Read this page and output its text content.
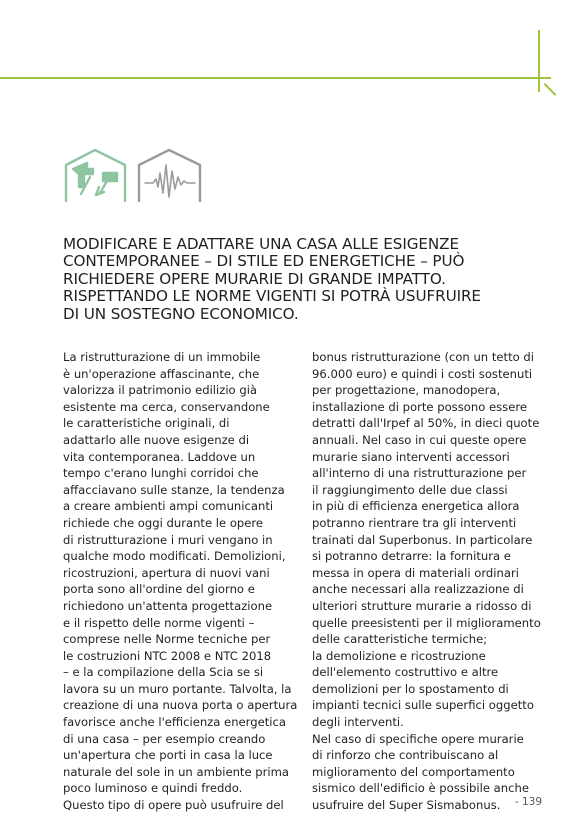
MODIFICARE E ADATTARE UNA CASA ALLE ESIGENZE
CONTEMPORANEE – DI STILE ED ENERGETICHE – PUÒ
RICHIEDERE OPERE MURARIE DI GRANDE IMPATTO.
RISPETTANDO LE NORME VIGENTI SI POTRÀ USUFRUIRE
DI UN SOSTEGNO ECONOMICO.
La ristrutturazione di un immobile
è un'operazione affascinante, che
valorizza il patrimonio edilizio già
esistente ma cerca, conservandone
le caratteristiche originali, di
adattarlo alle nuove esigenze di
vita contemporanea. Laddove un
tempo c'erano lunghi corridoi che
affacciavano sulle stanze, la tendenza
a creare ambienti ampi comunicanti
richiede che oggi durante le opere
di ristrutturazione i muri vengano in
qualche modo modificati. Demolizioni,
ricostruzioni, apertura di nuovi vani
porta sono all'ordine del giorno e
richiedono un'attenta progettazione
e il rispetto delle norme vigenti –
comprese nelle Norme tecniche per
le costruzioni NTC 2008 e NTC 2018
– e la compilazione della Scia se si
lavora su un muro portante. Talvolta, la
creazione di una nuova porta o apertura
favorisce anche l'efficienza energetica
di una casa – per esempio creando
un'apertura che porti in casa la luce
naturale del sole in un ambiente prima
poco luminoso e quindi freddo.
Questo tipo di opere può usufruire del
bonus ristrutturazione (con un tetto di
96.000 euro) e quindi i costi sostenuti
per progettazione, manodopera,
installazione di porte possono essere
detratti dall'Irpef al 50%, in dieci quote
annuali. Nel caso in cui queste opere
murarie siano interventi accessori
all'interno di una ristrutturazione per
il raggiungimento delle due classi
in più di efficienza energetica allora
potranno rientrare tra gli interventi
trainati dal Superbonus. In particolare
si potranno detrarre: la fornitura e
messa in opera di materiali ordinari
anche necessari alla realizzazione di
ulteriori strutture murarie a ridosso di
quelle preesistenti per il miglioramento
delle caratteristiche termiche;
la demolizione e ricostruzione
dell'elemento costruttivo e altre
demolizioni per lo spostamento di
impianti tecnici sulle superfici oggetto
degli interventi.
Nel caso di specifiche opere murarie
di rinforzo che contribuiscano al
miglioramento del comportamento
sismico dell'edificio è possibile anche
usufruire del Super Sismabonus.	- 139
